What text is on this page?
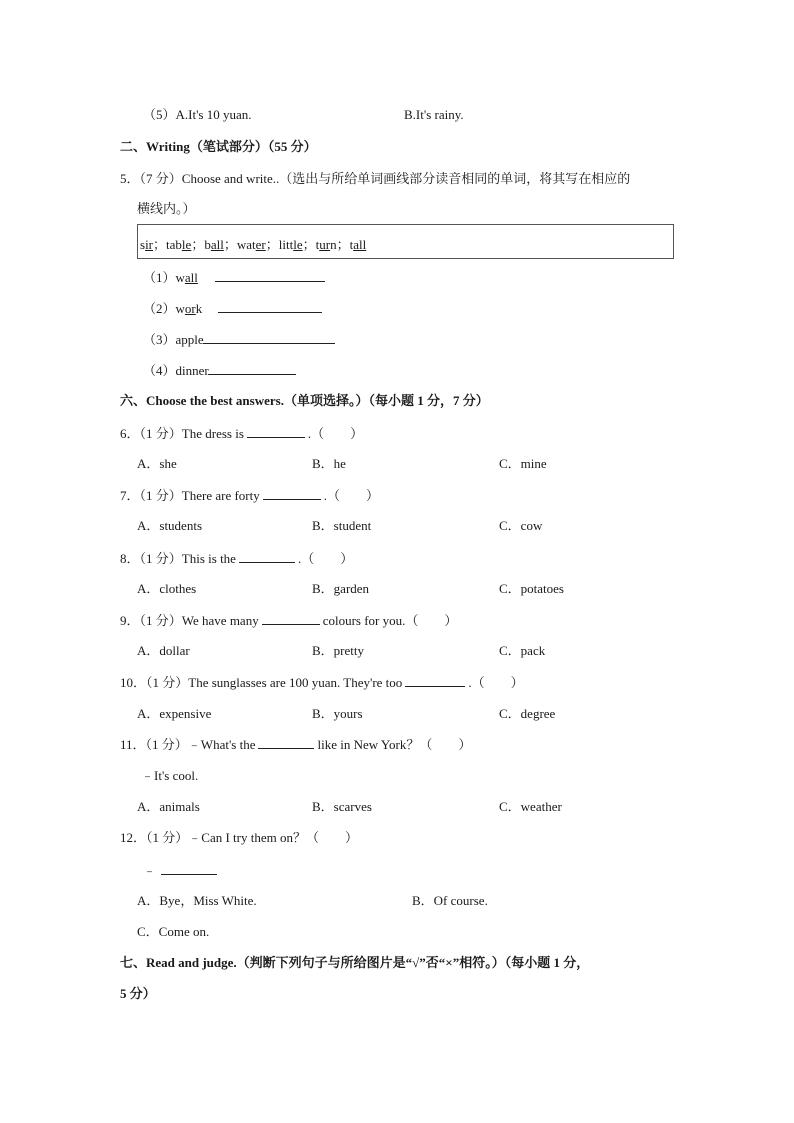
（5）A.It's 10 yuan.	B.It's rainy.
二、Writing（笔试部分）（55 分）
5．（7 分）Choose and write..（选出与所给单词画线部分读音相同的单词，将其写在相应的
横线内。）
sir；table；ball；water；little；turn；tall
（1）wall
（2）work
（3）apple
（4）dinner
六、Choose the best answers.（单项选择。）（每小题 1 分，7 分）
6．（1 分）The dress is	.（　　）
A．she	B．he	C．mine
7．（1 分）There are forty	.（　　）
A．students	B．student	C．cow
8．（1 分）This is the	.（　　）
A．clothes	B．garden	C．potatoes
9．（1 分）We have many	colours for you.（　　）
A．dollar	B．pretty	C．pack
10．（1 分）The sunglasses are 100 yuan. They're too	.（　　）
A．expensive	B．yours	C．degree
11．（1 分）﹣What's the	like in New York？（　　）
﹣It's cool.
A．animals	B．scarves	C．weather
12．（1 分）﹣Can I try them on？（　　）
﹣
A．Bye，Miss White.	B．Of course.
C．Come on.
七、Read and judge.（判断下列句子与所给图片是“√”否“×”相符。）（每小题 1 分，
5 分）
